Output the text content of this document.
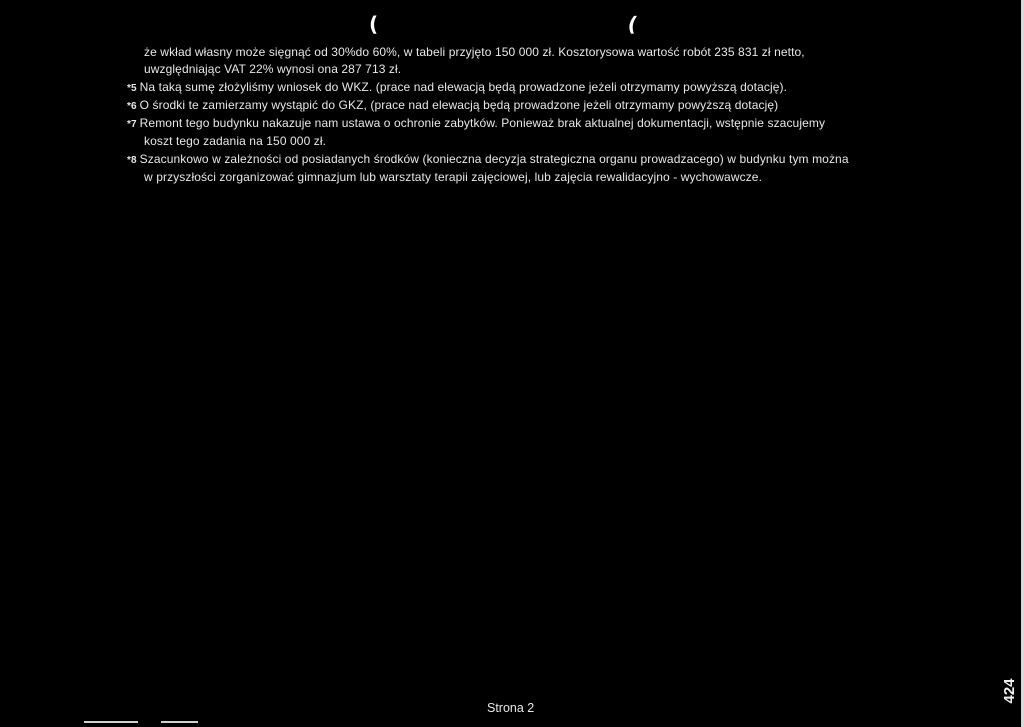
(	(

że wkład własny może sięgnąć od 30%do 60%, w tabeli przyjęto 150 000 zł. Kosztorysowa wartość robót 235 831 zł netto,

uwzględniając VAT 22% wynosi ona 287 713 zł.

*5 Na taką sumę złożyliśmy wniosek do WKZ. (prace nad elewacją będą prowadzone jeżeli otrzymamy powyższą dotację).

*6 O środki te zamierzamy wystąpić do GKZ, (prace nad elewacją będą prowadzone jeżeli otrzymamy powyższą dotację)

*7 Remont tego budynku nakazuje nam ustawa o ochronie zabytków. Ponieważ brak aktualnej dokumentacji, wstępnie szacujemy

koszt tego zadania na 150 000 zł.

*8 Szacunkowo w zależności od posiadanych środków (konieczna decyzja strategiczna organu prowadzacego) w budynku tym można

w przyszłości zorganizować gimnazjum lub warsztaty terapii zajęciowej, lub zajęcia rewalidacyjno - wychowawcze.

Strona 2
424
